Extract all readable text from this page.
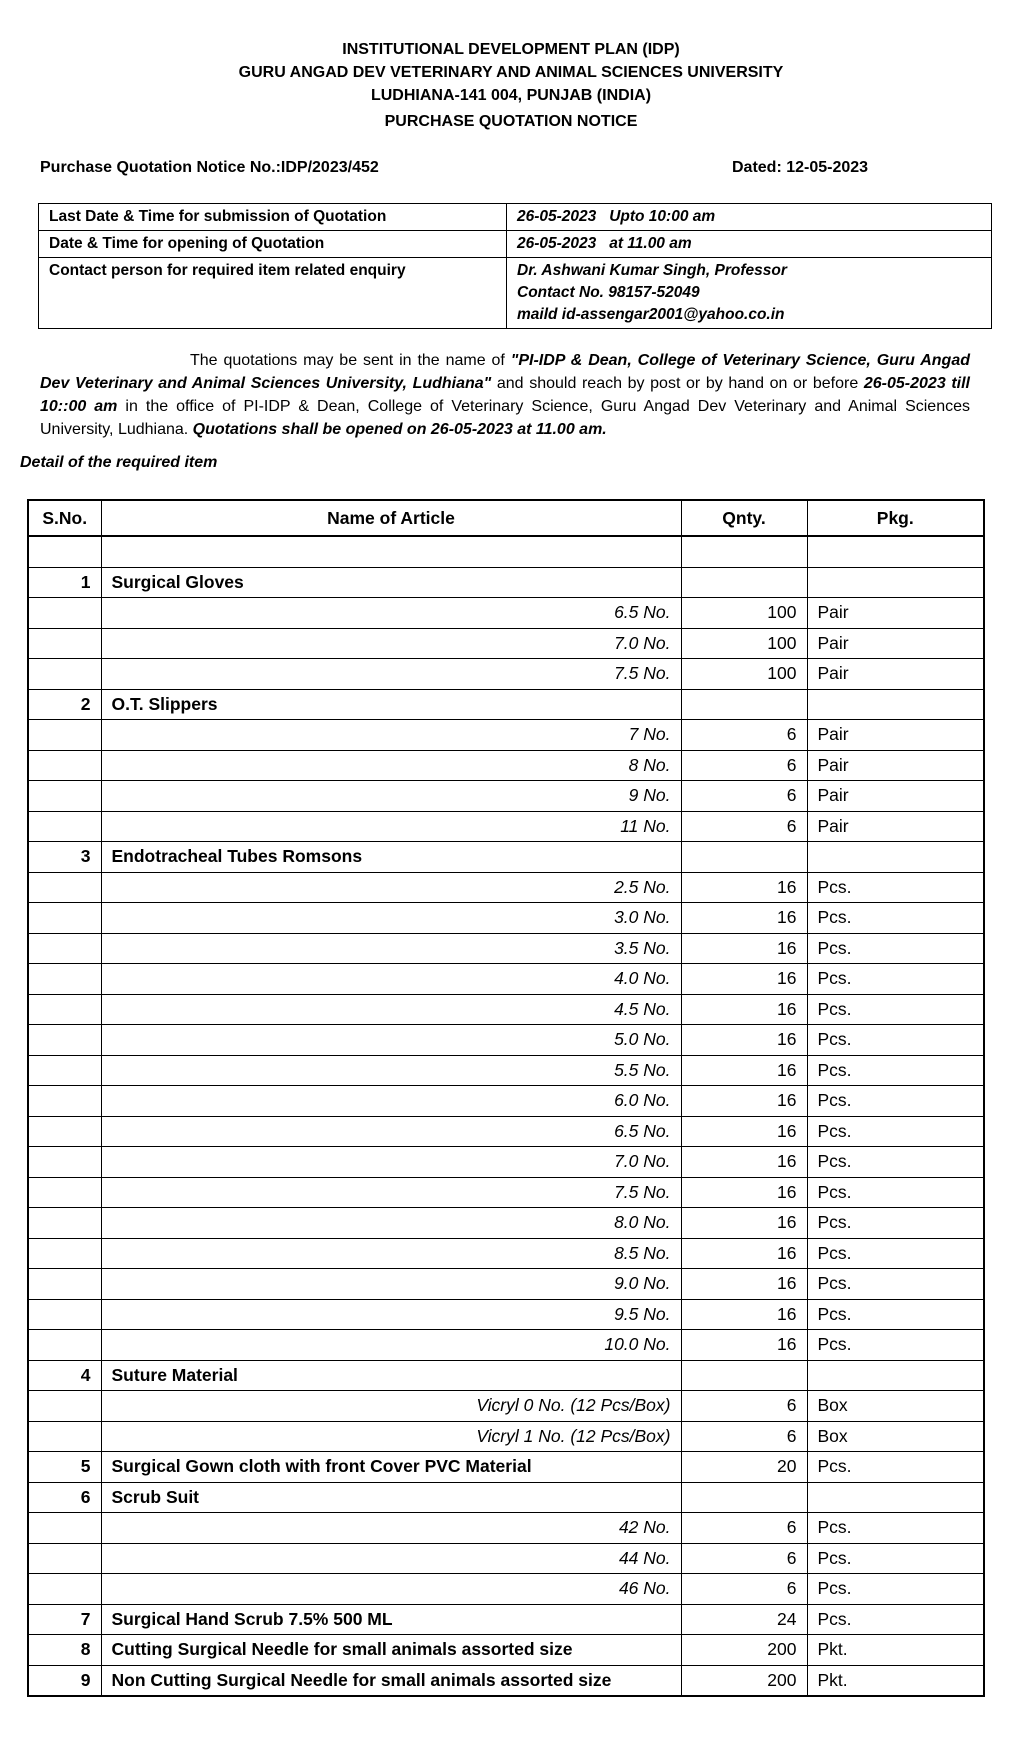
INSTITUTIONAL DEVELOPMENT PLAN (IDP)
GURU ANGAD DEV VETERINARY AND ANIMAL SCIENCES UNIVERSITY
LUDHIANA-141 004, PUNJAB (INDIA)
PURCHASE QUOTATION NOTICE
Purchase Quotation Notice No.:IDP/2023/452	Dated: 12-05-2023
Last Date & Time for submission of Quotation	26-05-2023   Upto 10:00 am
Date & Time for opening of Quotation	26-05-2023   at 11.00 am
Contact person for required item related enquiry	Dr. Ashwani Kumar Singh, Professor
Contact No. 98157-52049
maild id-assengar2001@yahoo.co.in
The quotations may be sent in the name of "PI-IDP & Dean, College of Veterinary Science, Guru Angad Dev Veterinary and Animal Sciences University, Ludhiana" and should reach by post or by hand on or before 26-05-2023 till 10::00 am in the office of PI-IDP & Dean, College of Veterinary Science, Guru Angad Dev Veterinary and Animal Sciences University, Ludhiana. Quotations shall be opened on 26-05-2023 at 11.00 am.
Detail of the required item
S.No.	Name of Article	Qnty.	Pkg.

1	Surgical Gloves		
	6.5 No.	100	Pair
	7.0 No.	100	Pair
	7.5 No.	100	Pair
2	O.T. Slippers		
	7 No.	6	Pair
	8 No.	6	Pair
	9 No.	6	Pair
	11 No.	6	Pair
3	Endotracheal Tubes Romsons		
	2.5 No.	16	Pcs.
	3.0 No.	16	Pcs.
	3.5 No.	16	Pcs.
	4.0 No.	16	Pcs.
	4.5 No.	16	Pcs.
	5.0 No.	16	Pcs.
	5.5 No.	16	Pcs.
	6.0 No.	16	Pcs.
	6.5 No.	16	Pcs.
	7.0 No.	16	Pcs.
	7.5 No.	16	Pcs.
	8.0 No.	16	Pcs.
	8.5 No.	16	Pcs.
	9.0 No.	16	Pcs.
	9.5 No.	16	Pcs.
	10.0 No.	16	Pcs.
4	Suture Material		
	Vicryl 0 No. (12 Pcs/Box)	6	Box
	Vicryl 1 No. (12 Pcs/Box)	6	Box
5	Surgical Gown cloth with front Cover PVC Material	20	Pcs.
6	Scrub Suit		
	42 No.	6	Pcs.
	44 No.	6	Pcs.
	46 No.	6	Pcs.
7	Surgical Hand Scrub 7.5% 500 ML	24	Pcs.
8	Cutting Surgical Needle for small animals assorted size	200	Pkt.
9	Non Cutting Surgical Needle for small animals assorted size	200	Pkt.
